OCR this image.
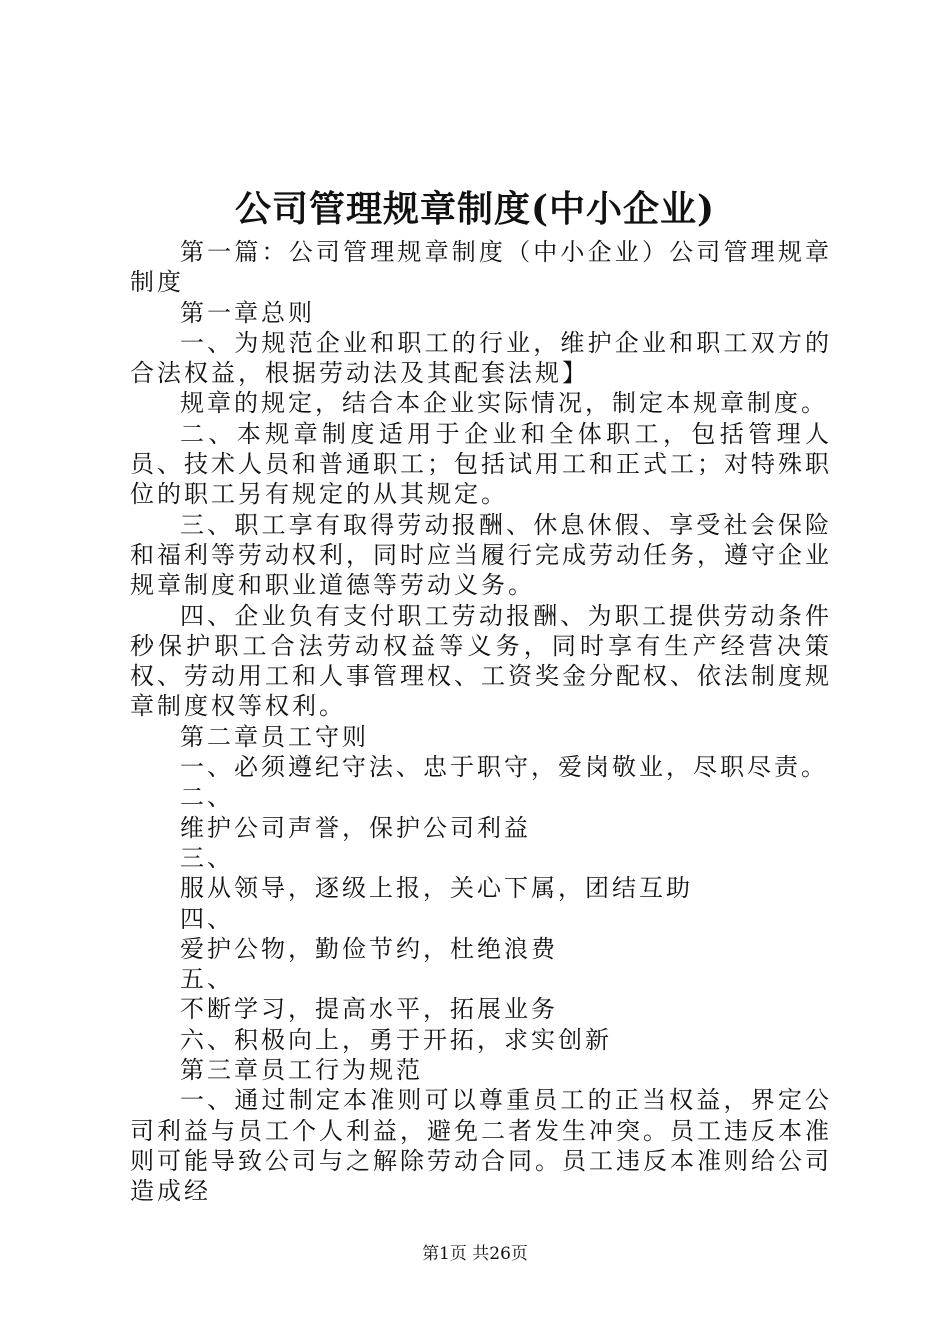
公司管理规章制度(中小企业)

第一篇：公司管理规章制度（中小企业）公司管理规章制度

第一章总则

一、为规范企业和职工的行业，维护企业和职工双方的合法权益，根据劳动法及其配套法规】

规章的规定，结合本企业实际情况，制定本规章制度。

二、本规章制度适用于企业和全体职工，包括管理人员、技术人员和普通职工；包括试用工和正式工；对特殊职位的职工另有规定的从其规定。

三、职工享有取得劳动报酬、休息休假、享受社会保险和福利等劳动权利，同时应当履行完成劳动任务，遵守企业规章制度和职业道德等劳动义务。

四、企业负有支付职工劳动报酬、为职工提供劳动条件秒保护职工合法劳动权益等义务，同时享有生产经营决策权、劳动用工和人事管理权、工资奖金分配权、依法制度规章制度权等权利。

第二章员工守则

一、必须遵纪守法、忠于职守，爱岗敬业，尽职尽责。

二、

维护公司声誉，保护公司利益

三、

服从领导，逐级上报，关心下属，团结互助

四、

爱护公物，勤俭节约，杜绝浪费

五、

不断学习，提高水平，拓展业务

六、积极向上，勇于开拓，求实创新

第三章员工行为规范

一、通过制定本准则可以尊重员工的正当权益，界定公司利益与员工个人利益，避免二者发生冲突。员工违反本准则可能导致公司与之解除劳动合同。员工违反本准则给公司造成经

第1页 共26页
